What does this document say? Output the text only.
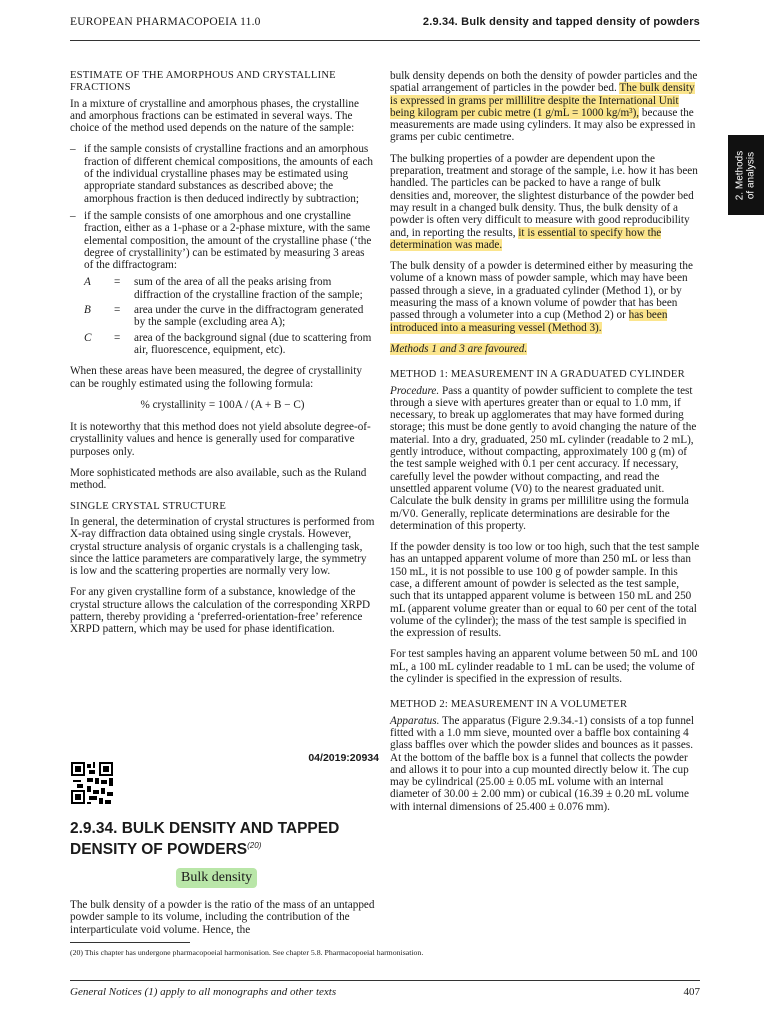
EUROPEAN PHARMACOPOEIA 11.0	2.9.34. Bulk density and tapped density of powders
2. Methods
of analysis

ESTIMATE OF THE AMORPHOUS AND CRYSTALLINE FRACTIONS

In a mixture of crystalline and amorphous phases, the crystalline and amorphous fractions can be estimated in several ways. The choice of the method used depends on the nature of the sample:

– if the sample consists of crystalline fractions and an amorphous fraction of different chemical compositions, the amounts of each of the individual crystalline phases may be estimated using appropriate standard substances as described above; the amorphous fraction is then deduced indirectly by subtraction;
– if the sample consists of one amorphous and one crystalline fraction, either as a 1-phase or a 2-phase mixture, with the same elemental composition, the amount of the crystalline phase (‘the degree of crystallinity’) can be estimated by measuring 3 areas of the diffractogram:
A	=	sum of the area of all the peaks arising from diffraction of the crystalline fraction of the sample;
B	=	area under the curve in the diffractogram generated by the sample (excluding area A);
C	=	area of the background signal (due to scattering from air, fluorescence, equipment, etc).

When these areas have been measured, the degree of crystallinity can be roughly estimated using the following formula:

% crystallinity = 100A / (A + B − C)

It is noteworthy that this method does not yield absolute degree-of-crystallinity values and hence is generally used for comparative purposes only.

More sophisticated methods are also available, such as the Ruland method.

SINGLE CRYSTAL STRUCTURE

In general, the determination of crystal structures is performed from X-ray diffraction data obtained using single crystals. However, crystal structure analysis of organic crystals is a challenging task, since the lattice parameters are comparatively large, the symmetry is low and the scattering properties are normally very low.

For any given crystalline form of a substance, knowledge of the crystal structure allows the calculation of the corresponding XRPD pattern, thereby providing a ‘preferred-orientation-free’ reference XRPD pattern, which may be used for phase identification.

04/2019:20934
2.9.34. BULK DENSITY AND TAPPED DENSITY OF POWDERS$^{(20)}$
Bulk density
The bulk density of a powder is the ratio of the mass of an untapped powder sample to its volume, including the contribution of the interparticulate void volume. Hence, the

bulk density depends on both the density of powder particles and the spatial arrangement of particles in the powder bed. The bulk density is expressed in grams per millilitre despite the International Unit being kilogram per cubic metre (1 g/mL = 1000 kg/m³), because the measurements are made using cylinders. It may also be expressed in grams per cubic centimetre.

The bulking properties of a powder are dependent upon the preparation, treatment and storage of the sample, i.e. how it has been handled. The particles can be packed to have a range of bulk densities and, moreover, the slightest disturbance of the powder bed may result in a changed bulk density. Thus, the bulk density of a powder is often very difficult to measure with good reproducibility and, in reporting the results, it is essential to specify how the determination was made.

The bulk density of a powder is determined either by measuring the volume of a known mass of powder sample, which may have been passed through a sieve, in a graduated cylinder (Method 1), or by measuring the mass of a known volume of powder that has been passed through a volumeter into a cup (Method 2) or has been introduced into a measuring vessel (Method 3).

Methods 1 and 3 are favoured.

METHOD 1: MEASUREMENT IN A GRADUATED CYLINDER

Procedure. Pass a quantity of powder sufficient to complete the test through a sieve with apertures greater than or equal to 1.0 mm, if necessary, to break up agglomerates that may have formed during storage; this must be done gently to avoid changing the nature of the material. Into a dry, graduated, 250 mL cylinder (readable to 2 mL), gently introduce, without compacting, approximately 100 g (m) of the test sample weighed with 0.1 per cent accuracy. If necessary, carefully level the powder without compacting, and read the unsettled apparent volume (V0) to the nearest graduated unit. Calculate the bulk density in grams per millilitre using the formula m/V0. Generally, replicate determinations are desirable for the determination of this property.

If the powder density is too low or too high, such that the test sample has an untapped apparent volume of more than 250 mL or less than 150 mL, it is not possible to use 100 g of powder sample. In this case, a different amount of powder is selected as the test sample, such that its untapped apparent volume is between 150 mL and 250 mL (apparent volume greater than or equal to 60 per cent of the total volume of the cylinder); the mass of the test sample is specified in the expression of results.

For test samples having an apparent volume between 50 mL and 100 mL, a 100 mL cylinder readable to 1 mL can be used; the volume of the cylinder is specified in the expression of results.

METHOD 2: MEASUREMENT IN A VOLUMETER

Apparatus. The apparatus (Figure 2.9.34.-1) consists of a top funnel fitted with a 1.0 mm sieve, mounted over a baffle box containing 4 glass baffles over which the powder slides and bounces as it passes. At the bottom of the baffle box is a funnel that collects the powder and allows it to pour into a cup mounted directly below it. The cup may be cylindrical (25.00 ± 0.05 mL volume with an internal diameter of 30.00 ± 2.00 mm) or cubical (16.39 ± 0.20 mL volume with internal dimensions of 25.400 ± 0.076 mm).

(20) This chapter has undergone pharmacopoeial harmonisation. See chapter 5.8. Pharmacopoeial harmonisation.
General Notices (1) apply to all monographs and other texts	407
